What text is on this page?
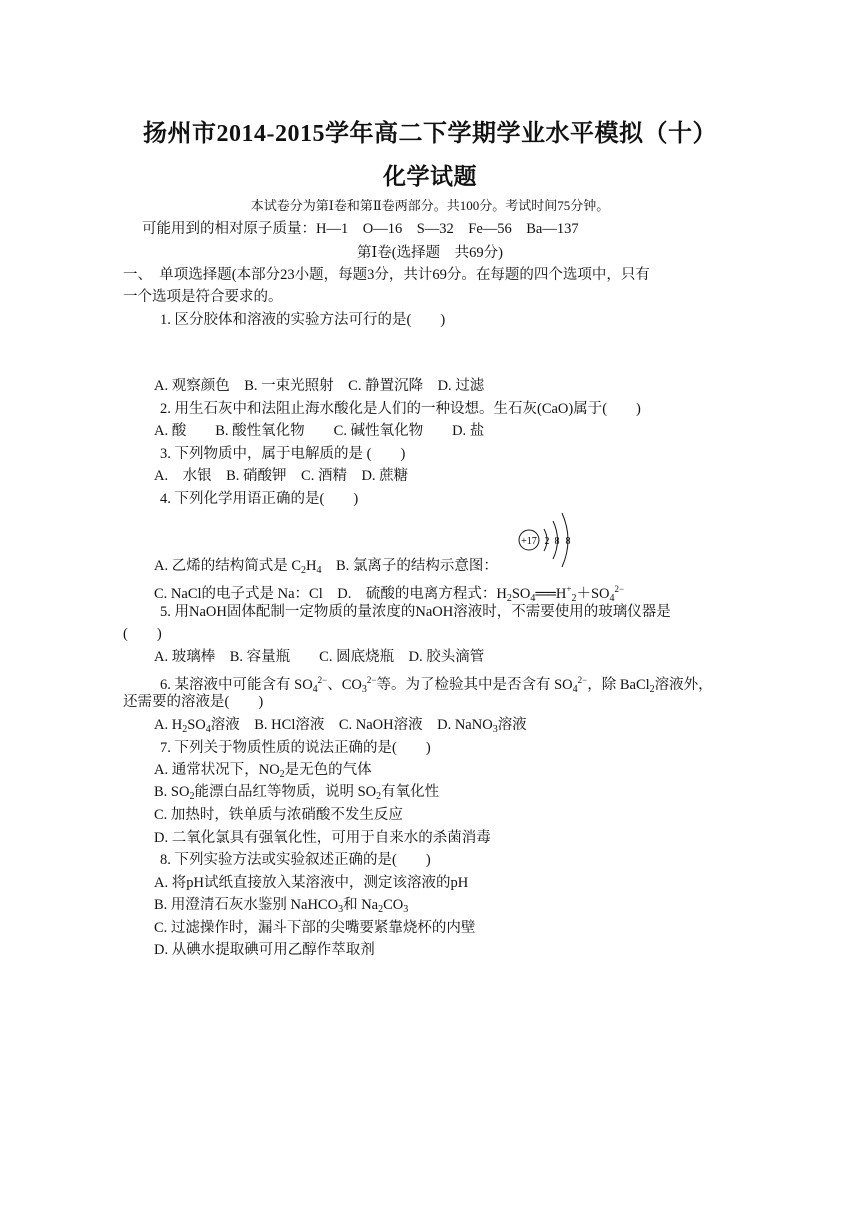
扬州市2014-2015学年高二下学期学业水平模拟（十）
化学试题
本试卷分为第Ⅰ卷和第Ⅱ卷两部分。共100分。考试时间75分钟。
可能用到的相对原子质量：H—1　O—16　S—32　Fe—56　Ba—137
第Ⅰ卷(选择题　共69分)
一、　单项选择题(本部分23小题，每题3分，共计69分。在每题的四个选项中，只有
一个选项是符合要求的。
1. 区分胶体和溶液的实验方法可行的是(　　)
A. 观察颜色　B. 一束光照射　C. 静置沉降　D. 过滤
2. 用生石灰中和法阻止海水酸化是人们的一种设想。生石灰(CaO)属于(　　)
A. 酸　　B. 酸性氧化物　　C. 碱性氧化物　　D. 盐
3. 下列物质中，属于电解质的是 (　　)
A.　水银　B. 硝酸钾　C. 酒精　D. 蔗糖
4. 下列化学用语正确的是(　　)
+17 2 8 8
A. 乙烯的结构简式是 $C_2H_4$　B. 氯离子的结构示意图：
C. NaCl的电子式是 Na：Cl　D.　硫酸的电离方程式：$H_2SO_4══H^+_2+SO_4^{2-}$
5. 用NaOH固体配制一定物质的量浓度的NaOH溶液时，不需要使用的玻璃仪器是
(　　)
A. 玻璃棒　B. 容量瓶　　C. 圆底烧瓶　D. 胶头滴管
6. 某溶液中可能含有 $SO_4^{2-}$、$CO_3^{2-}$等。为了检验其中是否含有 $SO_4^{2-}$，除 BaCl$_2$溶液外，
还需要的溶液是(　　)
A. $H_2SO_4$溶液　B. HCl溶液　C. NaOH溶液　D. NaNO$_3$溶液
7. 下列关于物质性质的说法正确的是(　　)
A. 通常状况下，$NO_2$是无色的气体
B. $SO_2$能漂白品红等物质，说明 $SO_2$有氧化性
C. 加热时，铁单质与浓硝酸不发生反应
D. 二氧化氯具有强氧化性，可用于自来水的杀菌消毒
8. 下列实验方法或实验叙述正确的是(　　)
A. 将pH试纸直接放入某溶液中，测定该溶液的pH
B. 用澄清石灰水鉴别 NaHCO$_3$和 $Na_2CO_3$
C. 过滤操作时，漏斗下部的尖嘴要紧靠烧杯的内壁
D. 从碘水提取碘可用乙醇作萃取剂
